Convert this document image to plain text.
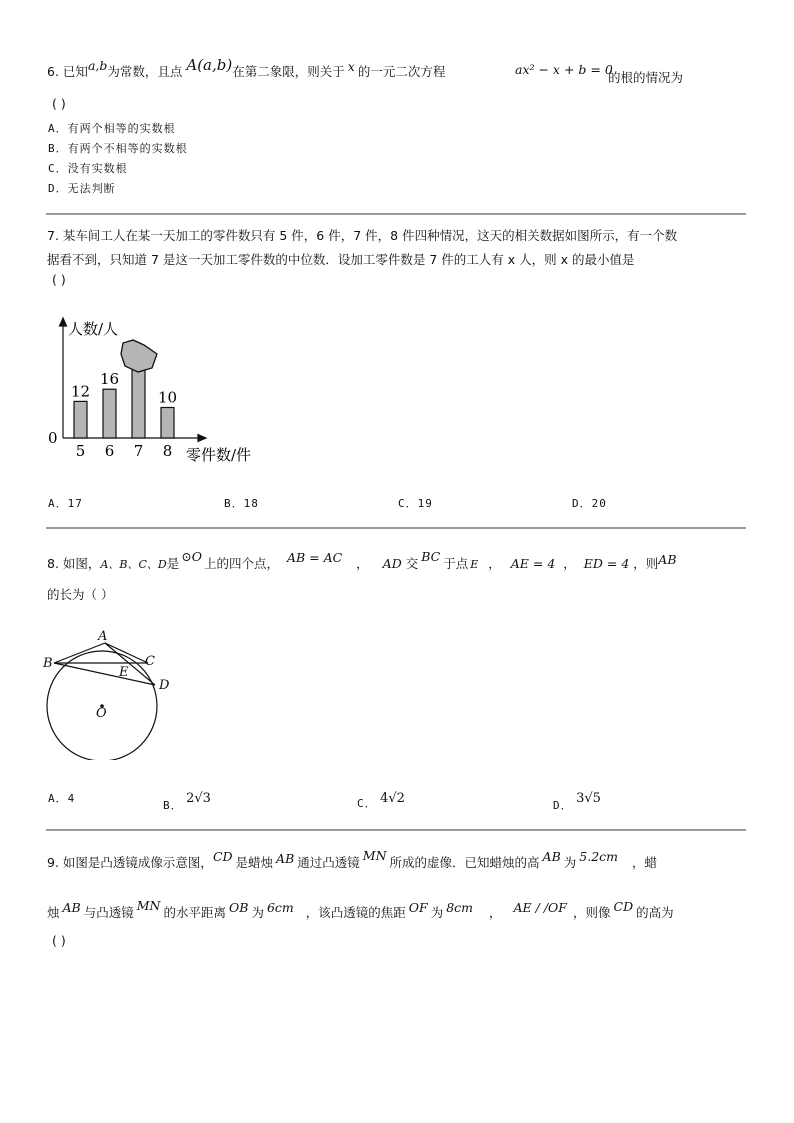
6. 已知a,b为常数，且点 A(a,b)在第二象限，则关于 x 的一元二次方程	ax² − x + b = 0
的根的情况为
( )
A．有两个相等的实数根
B．有两个不相等的实数根
C．没有实数根
D．无法判断
7. 某车间工人在某一天加工的零件数只有 5 件，6 件，7 件，8 件四种情况，这天的相关数据如图所示，有一个数
据看不到，只知道 7 是这一天加工零件数的中位数．设加工零件数是 7 件的工人有 x 人，则 x 的最小值是
( )
人数/人
零件数/件
0
5
12
6
16
7 8
10
A．17	B．18	C．19	D．20
8. 如图，A、B、C、D是 ⊙O 上的四个点， AB = AC ， AD 交 BC 于点 E ， AE = 4 ， ED = 4 ，则AB
的长为（ ）
A
B	C
D
E
O
A．4
B． 2√3	C． 4√2	D． 3√5
9. 如图是凸透镜成像示意图，CD 是蜡烛 AB 通过凸透镜 MN 所成的虚像．已知蜡烛的高 AB 为 5.2cm ，蜡
烛 AB 与凸透镜 MN 的水平距离 OB 为 6cm ，该凸透镜的焦距 OF 为 8cm ， AE / /OF ，则像 CD 的高为
( )
